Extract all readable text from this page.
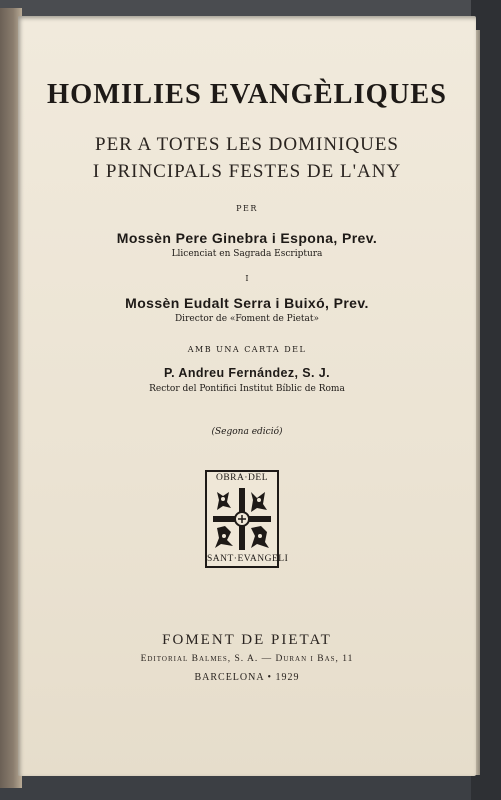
HOMILIES EVANGÈLIQUES
PER A TOTES LES DOMINIQUES
I PRINCIPALS FESTES DE L'ANY
PER
Mossèn Pere Ginebra i Espona, Prev.
Llicenciat en Sagrada Escriptura
I
Mossèn Eudalt Serra i Buixó, Prev.
Director de «Foment de Pietat»
AMB UNA CARTA DEL
P. Andreu Fernández, S. J.
Rector del Pontifici Institut Bíblic de Roma
(Segona edició)
OBRA·DEL
SANT·EVANGELI
FOMENT DE PIETAT
Editorial Balmes, S. A. — Duran i Bas, 11
BARCELONA • 1929
